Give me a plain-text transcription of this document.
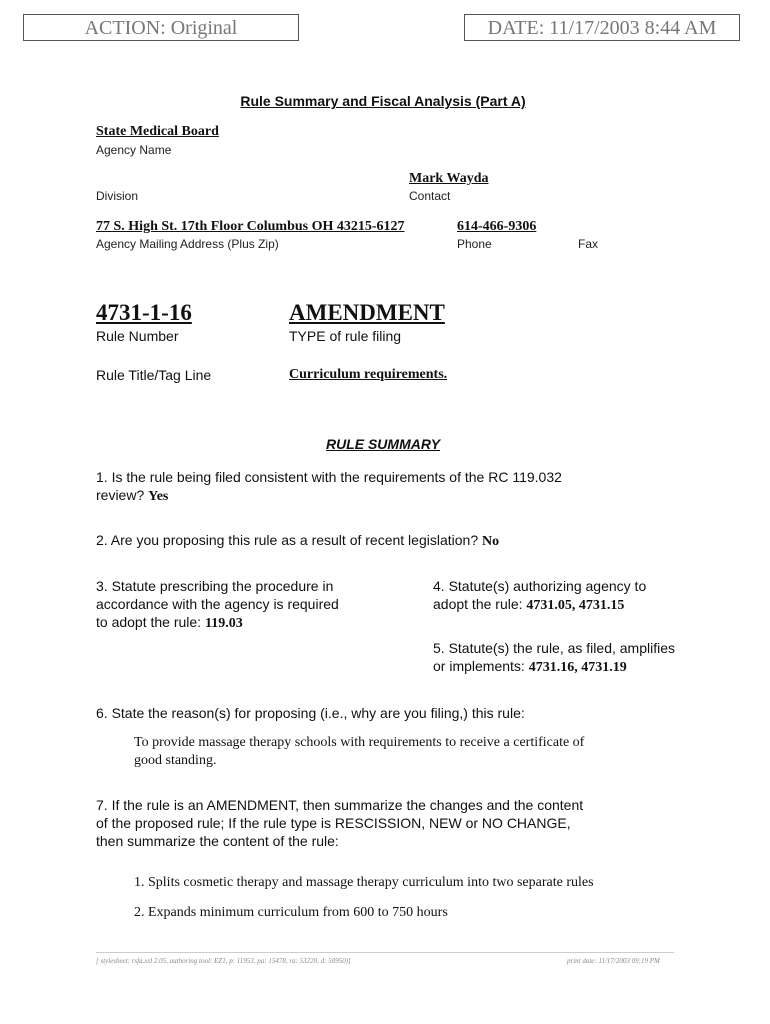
ACTION: Original	DATE: 11/17/2003 8:44 AM
Rule Summary and Fiscal Analysis (Part A)
State Medical Board
Agency Name
Mark Wayda
Division	Contact
77 S. High St. 17th Floor Columbus OH 43215-6127	614-466-9306
Agency Mailing Address (Plus Zip)	Phone	Fax
4731-1-16
Rule Number
AMENDMENT
TYPE of rule filing
Rule Title/Tag Line	Curriculum requirements.
RULE SUMMARY
1. Is the rule being filed consistent with the requirements of the RC 119.032
review? Yes
2. Are you proposing this rule as a result of recent legislation? No
3. Statute prescribing the procedure in
accordance with the agency is required
to adopt the rule: 119.03
4. Statute(s) authorizing agency to
adopt the rule: 4731.05, 4731.15
5. Statute(s) the rule, as filed, amplifies
or implements: 4731.16, 4731.19
6. State the reason(s) for proposing (i.e., why are you filing,) this rule:
To provide massage therapy schools with requirements to receive a certificate of
good standing.
7. If the rule is an AMENDMENT, then summarize the changes and the content
of the proposed rule; If the rule type is RESCISSION, NEW or NO CHANGE,
then summarize the content of the rule:
1. Splits cosmetic therapy and massage therapy curriculum into two separate rules
2. Expands minimum curriculum from 600 to 750 hours
[ stylesheet: rsfa.xsl 2.05, authoring tool: EZ1, p: 11953, pa: 15478, ra: 53220, d: 50950)]	print date: 11/17/2003 09:19 PM
